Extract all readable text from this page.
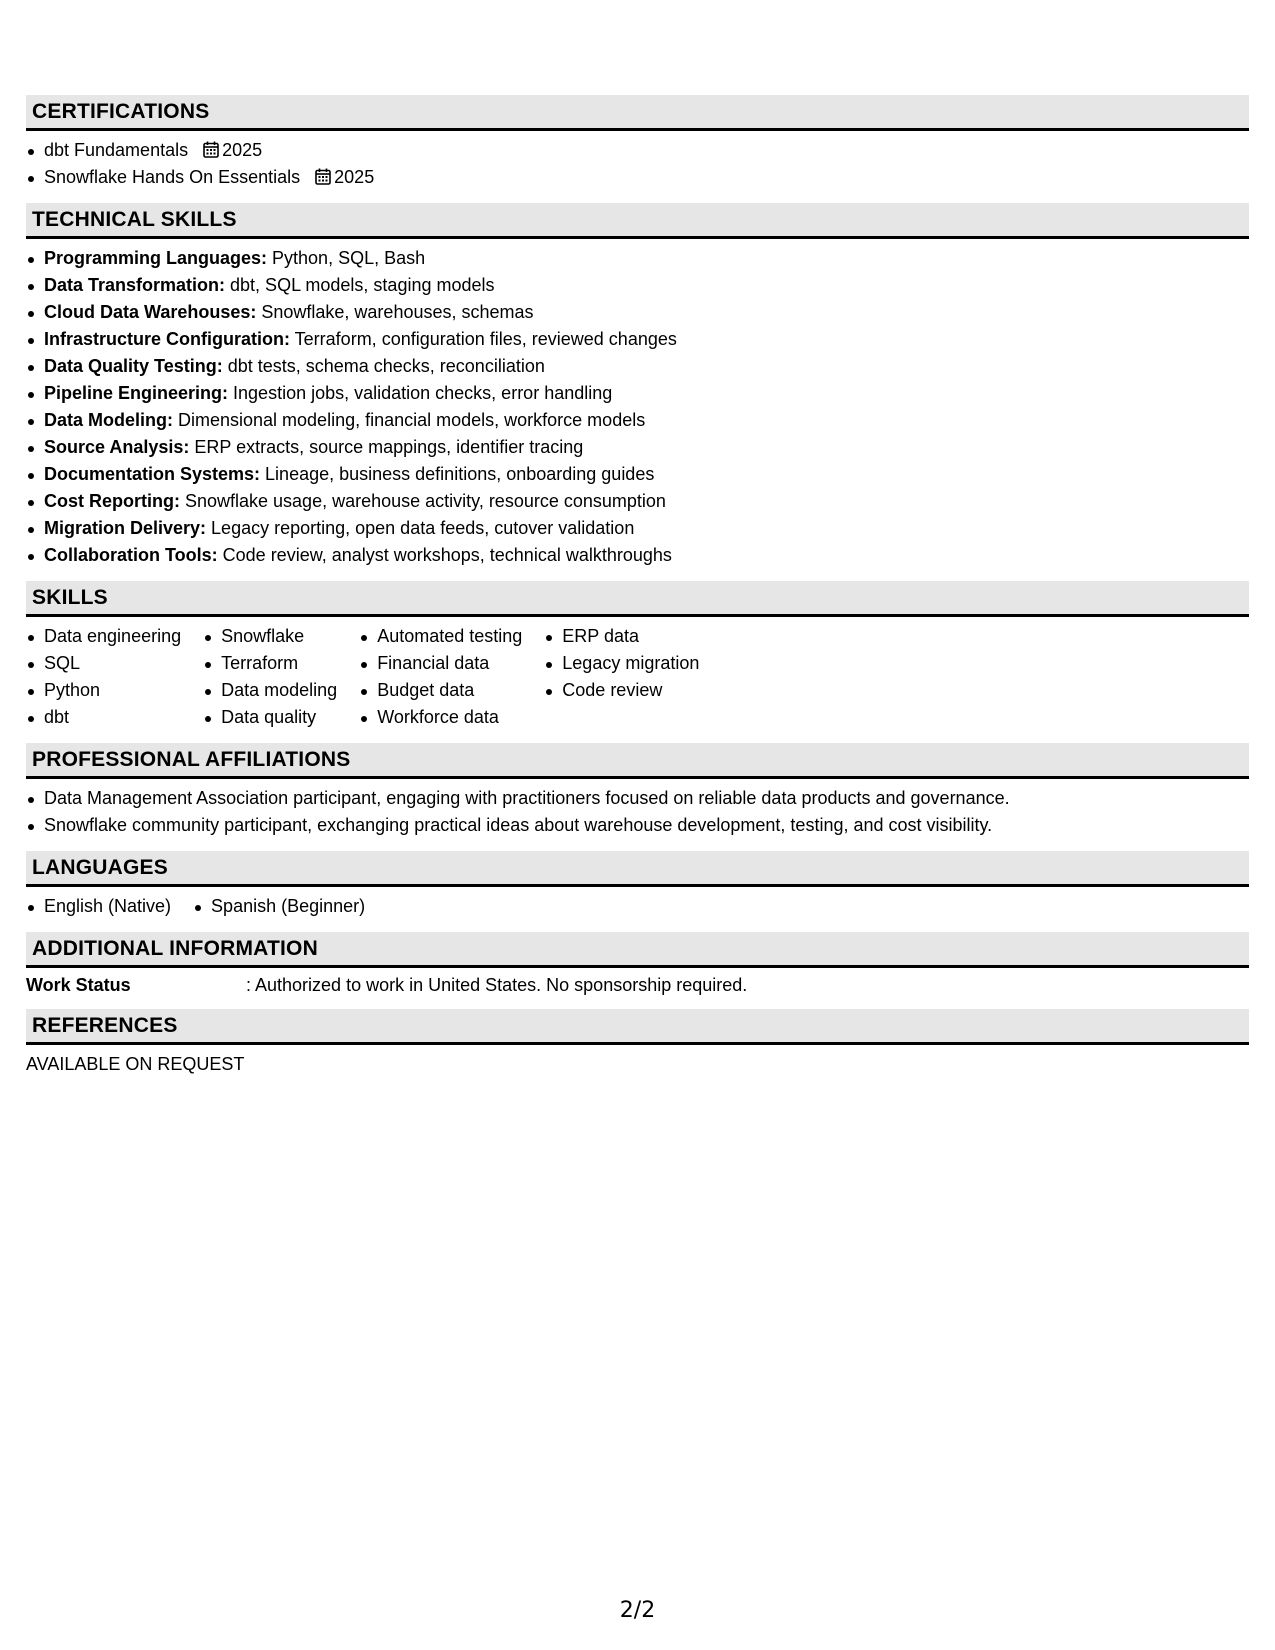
CERTIFICATIONS
dbt Fundamentals 2025
Snowflake Hands On Essentials 2025
TECHNICAL SKILLS
Programming Languages: Python, SQL, Bash
Data Transformation: dbt, SQL models, staging models
Cloud Data Warehouses: Snowflake, warehouses, schemas
Infrastructure Configuration: Terraform, configuration files, reviewed changes
Data Quality Testing: dbt tests, schema checks, reconciliation
Pipeline Engineering: Ingestion jobs, validation checks, error handling
Data Modeling: Dimensional modeling, financial models, workforce models
Source Analysis: ERP extracts, source mappings, identifier tracing
Documentation Systems: Lineage, business definitions, onboarding guides
Cost Reporting: Snowflake usage, warehouse activity, resource consumption
Migration Delivery: Legacy reporting, open data feeds, cutover validation
Collaboration Tools: Code review, analyst workshops, technical walkthroughs
SKILLS
Data engineering
SQL
Python
dbt
Snowflake
Terraform
Data modeling
Data quality
Automated testing
Financial data
Budget data
Workforce data
ERP data
Legacy migration
Code review
PROFESSIONAL AFFILIATIONS
Data Management Association participant, engaging with practitioners focused on reliable data products and governance.
Snowflake community participant, exchanging practical ideas about warehouse development, testing, and cost visibility.
LANGUAGES
English (Native)	Spanish (Beginner)
ADDITIONAL INFORMATION
Work Status	: Authorized to work in United States. No sponsorship required.
REFERENCES
AVAILABLE ON REQUEST
2/2
